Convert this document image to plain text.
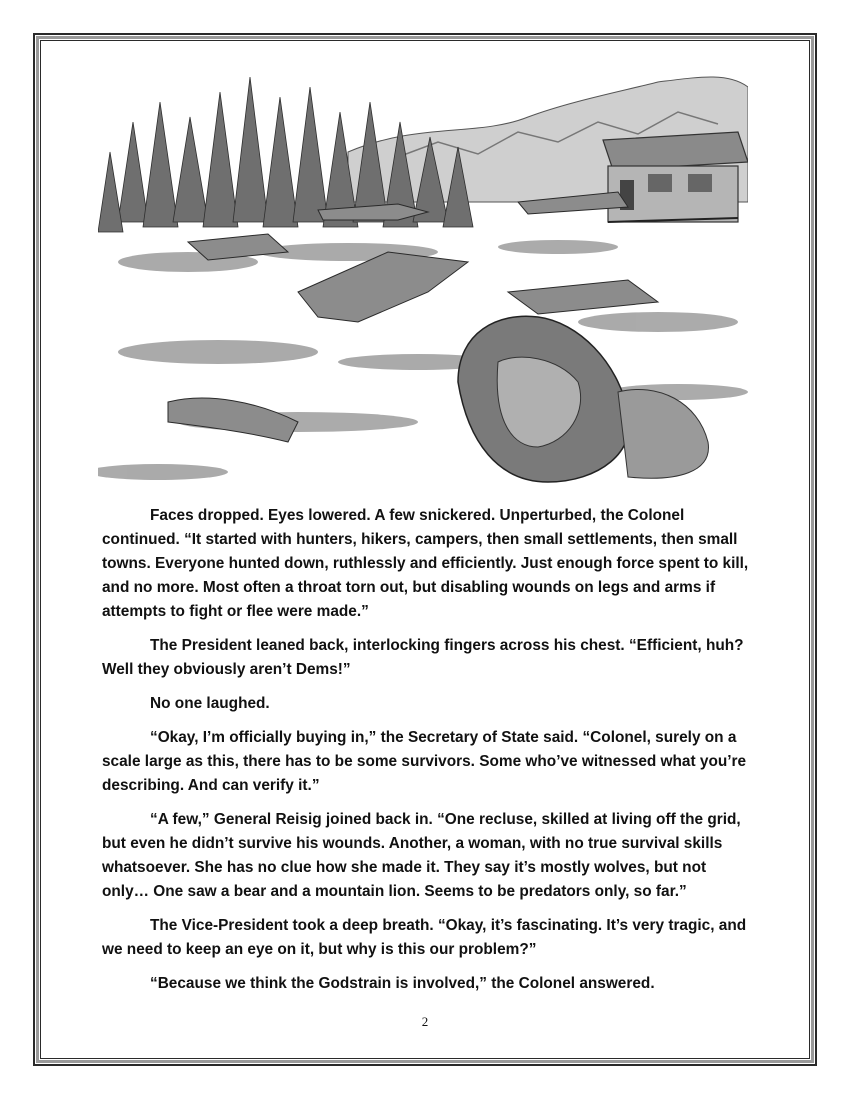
Faces dropped. Eyes lowered. A few snickered. Unperturbed, the Colonel continued. “It started with hunters, hikers, campers, then small settlements, then small towns. Everyone hunted down, ruthlessly and efficiently. Just enough force spent to kill, and no more. Most often a throat torn out, but disabling wounds on legs and arms if attempts to fight or flee were made.”

The President leaned back, interlocking fingers across his chest. “Efficient, huh? Well they obviously aren’t Dems!”

No one laughed.

“Okay, I’m officially buying in,” the Secretary of State said. “Colonel, surely on a scale large as this, there has to be some survivors. Some who’ve witnessed what you’re describing. And can verify it.”

“A few,” General Reisig joined back in. “One recluse, skilled at living off the grid, but even he didn’t survive his wounds. Another, a woman, with no true survival skills whatsoever. She has no clue how she made it. They say it’s mostly wolves, but not only… One saw a bear and a mountain lion. Seems to be predators only, so far.”

The Vice-President took a deep breath. “Okay, it’s fascinating. It’s very tragic, and we need to keep an eye on it, but why is this our problem?”

“Because we think the Godstrain is involved,” the Colonel answered.

2
